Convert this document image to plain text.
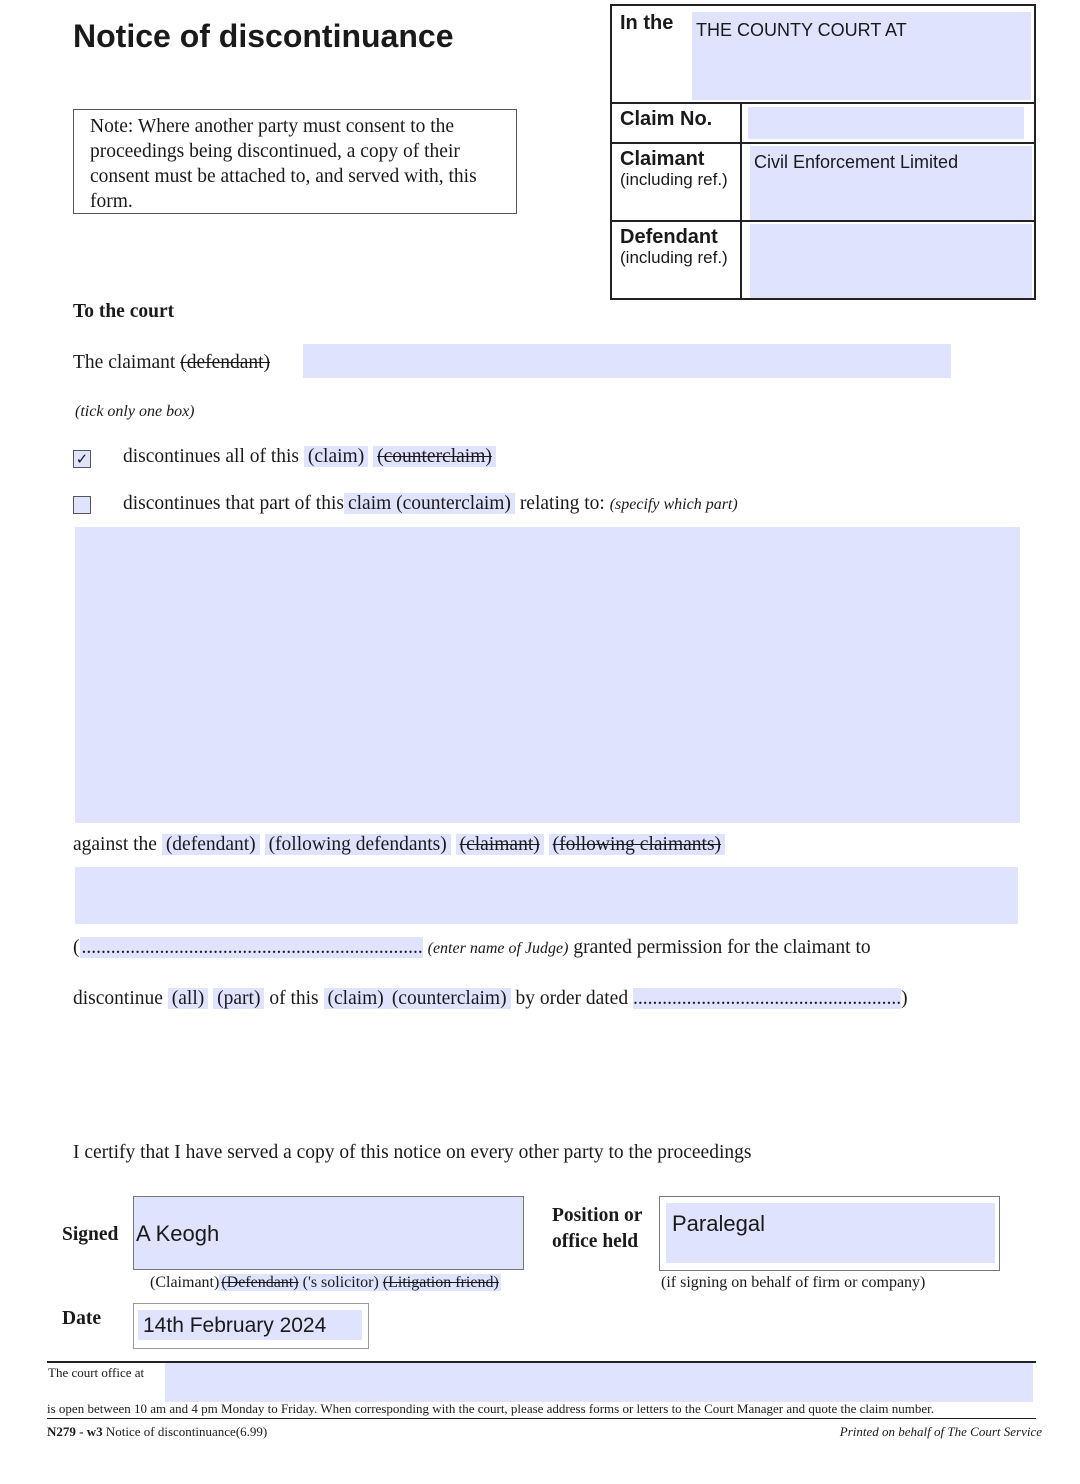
Notice of discontinuance
Note: Where another party must consent to the proceedings being discontinued, a copy of their consent must be attached to, and served with, this form.
In the THE COUNTY COURT AT	

Claim No.	

Claimant
(including ref.)	Civil Enforcement Limited

Defendant
(including ref.)	

To the court
The claimant (defendant)
(tick only one box)
✓ discontinues all of this (claim) (counterclaim)
discontinues that part of this claim (counterclaim) relating to: (specify which part)
against the (defendant) (following defendants) (claimant) (following claimants)
( ...................................................................... (enter name of Judge) granted permission for the claimant to
discontinue (all) (part) of this (claim) (counterclaim) by order dated .......................................................)
I certify that I have served a copy of this notice on every other party to the proceedings
Signed A Keogh
Position or
office held
Paralegal
(Claimant) (Defendant) ('s solicitor) (Litigation friend)	(if signing on behalf of firm or company)
Date 14th February 2024
The court office at
is open between 10 am and 4 pm Monday to Friday. When corresponding with the court, please address forms or letters to the Court Manager and quote the claim number.
N279 - w3 Notice of discontinuance(6.99)	Printed on behalf of The Court Service
